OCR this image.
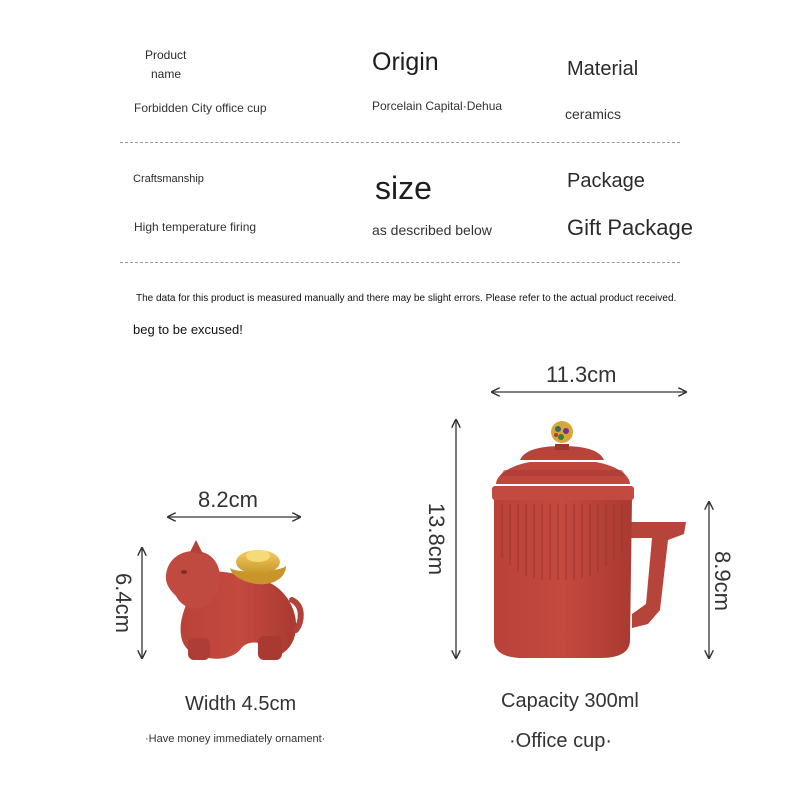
Product
name
Forbidden City office cup
Origin
Porcelain Capital·Dehua
Material
ceramics
Craftsmanship
High temperature firing
size
as described below
Package
Gift Package
The data for this product is measured manually and there may be slight errors. Please refer to the actual product received.
beg to be excused!
8.2cm
6.4cm
11.3cm
13.8cm
8.9cm
Width 4.5cm
·Have money immediately ornament·
Capacity 300ml
·Office cup·
